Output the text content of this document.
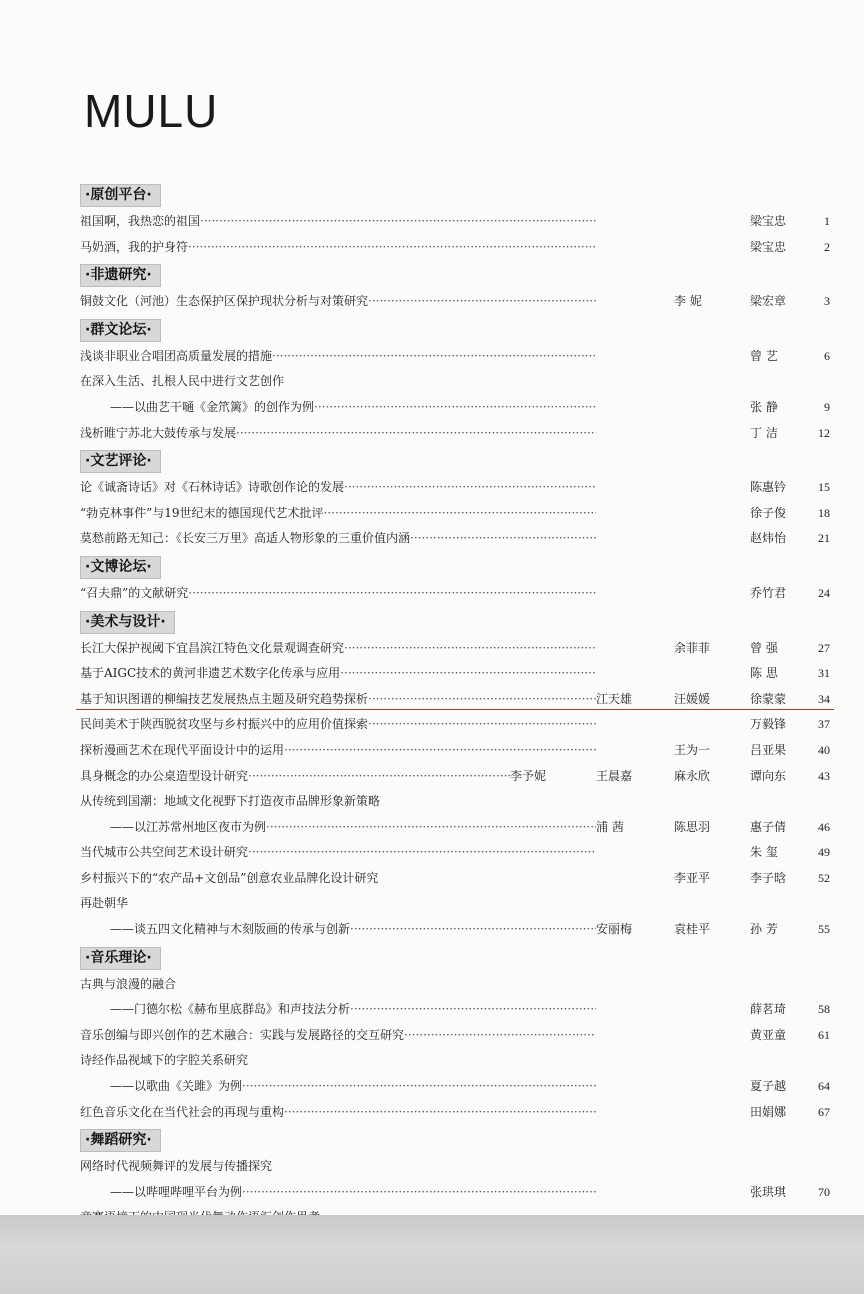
MULU
·原创平台·
祖国啊，我热恋的祖国 ·····	梁宝忠	1
马奶酒，我的护身符 ·····	梁宝忠	2
·非遗研究·
铜鼓文化（河池）生态保护区保护现状分析与对策研究 ·····	李 妮	梁宏章	3
·群文论坛·
浅谈非职业合唱团高质量发展的措施 ·····	曾 艺	6
在深入生活、扎根人民中进行文艺创作
——以曲艺干嗵《金笊篱》的创作为例 ·····	张 静	9
浅析睢宁苏北大鼓传承与发展 ·····	丁 洁	12
·文艺评论·
论《诚斋诗话》对《石林诗话》诗歌创作论的发展 ·····	陈惠钤	15
“勃克林事件”与19世纪末的德国现代艺术批评 ·····	徐子俊	18
莫愁前路无知己：《长安三万里》高适人物形象的三重价值内涵 ·····	赵炜怡	21
·文博论坛·
“召夫鼎”的文献研究 ·····	乔竹君	24
·美术与设计·
长江大保护视阈下宜昌滨江特色文化景观调查研究 ·····	余菲菲	曾 强	27
基于AIGC技术的黄河非遗艺术数字化传承与应用 ·····	陈 思	31
基于知识图谱的柳编技艺发展热点主题及研究趋势探析 ·····	江天雄	汪媛媛	徐蒙蒙	34
民间美术于陕西脱贫攻坚与乡村振兴中的应用价值探索 ·····	万毅锋	37
探析漫画艺术在现代平面设计中的运用 ·····	王为一	吕亚果	40
具身概念的办公桌造型设计研究 ·····	李予妮	王晨嘉	麻永欣	谭向东	43
从传统到国潮：地域文化视野下打造夜市品牌形象新策略
——以江苏常州地区夜市为例 ·····	浦 茜	陈思羽	惠子倩	46
当代城市公共空间艺术设计研究 ·····	朱 玺	49
乡村振兴下的“农产品+文创品”创意农业品牌化设计研究	李亚平	李子晗	52
再赴朝华
——谈五四文化精神与木刻版画的传承与创新 ·····	安丽梅	袁桂平	孙 芳	55
·音乐理论·
古典与浪漫的融合
——门德尔松《赫布里底群岛》和声技法分析 ·····	薛茗琦	58
音乐创编与即兴创作的艺术融合：实践与发展路径的交互研究 ·····	黄亚童	61
诗经作品视域下的字腔关系研究
——以歌曲《关雎》为例 ·····	夏子越	64
红色音乐文化在当代社会的再现与重构 ·····	田娟娜	67
·舞蹈研究·
网络时代视频舞评的发展与传播探究
——以哔哩哔哩平台为例 ·····	张珙琪	70
·····
